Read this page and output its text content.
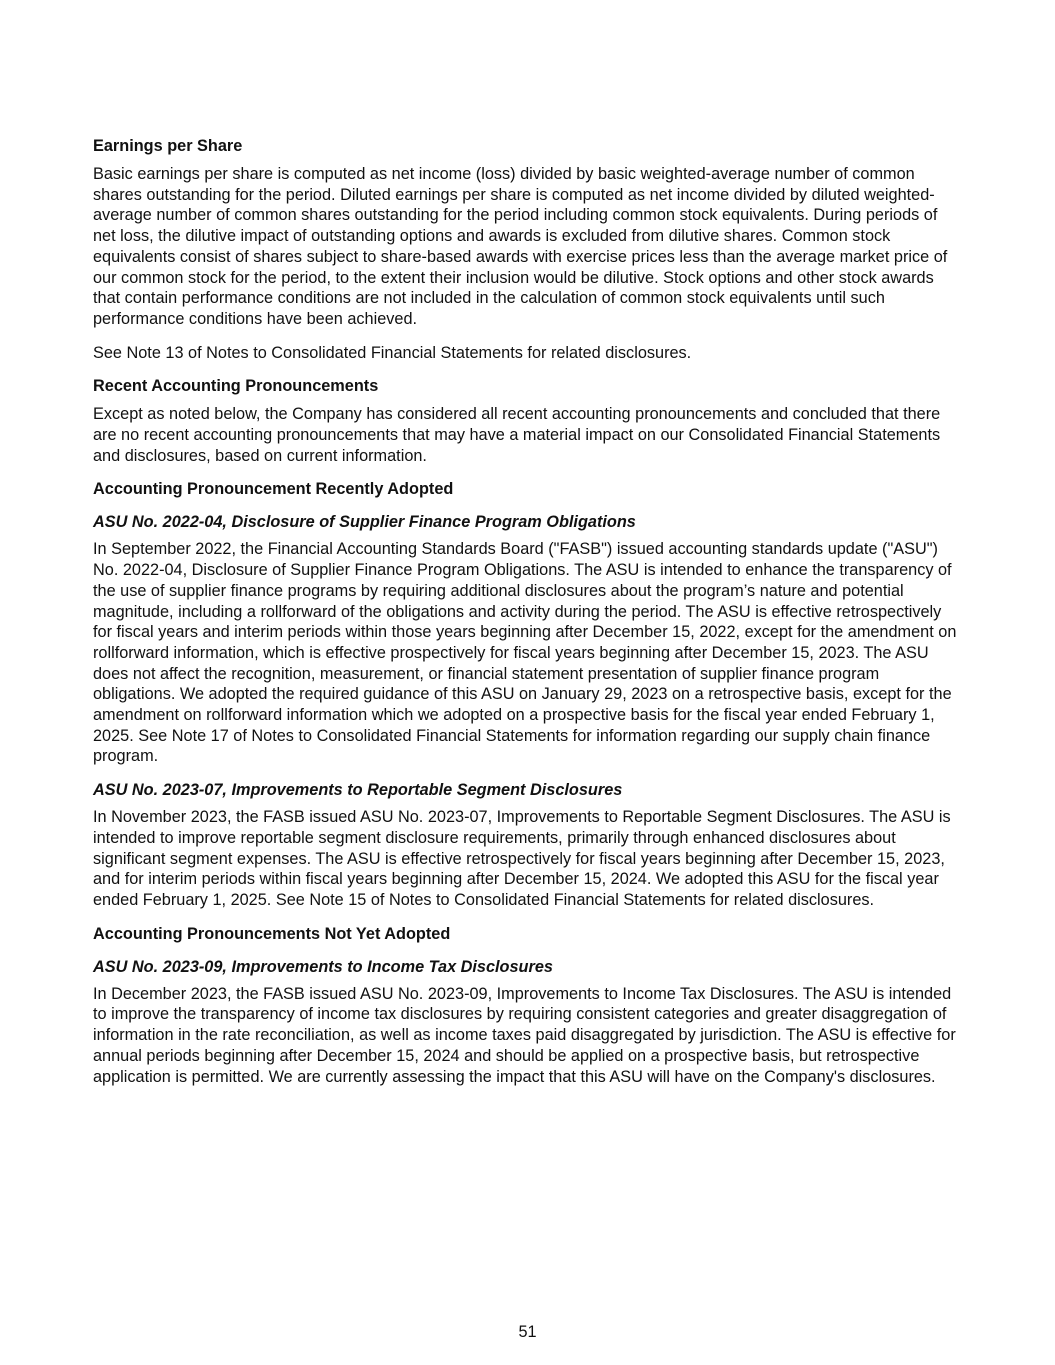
Earnings per Share
Basic earnings per share is computed as net income (loss) divided by basic weighted-average number of common shares outstanding for the period. Diluted earnings per share is computed as net income divided by diluted weighted-average number of common shares outstanding for the period including common stock equivalents. During periods of net loss, the dilutive impact of outstanding options and awards is excluded from dilutive shares. Common stock equivalents consist of shares subject to share-based awards with exercise prices less than the average market price of our common stock for the period, to the extent their inclusion would be dilutive. Stock options and other stock awards that contain performance conditions are not included in the calculation of common stock equivalents until such performance conditions have been achieved.
See Note 13 of Notes to Consolidated Financial Statements for related disclosures.
Recent Accounting Pronouncements
Except as noted below, the Company has considered all recent accounting pronouncements and concluded that there are no recent accounting pronouncements that may have a material impact on our Consolidated Financial Statements and disclosures, based on current information.
Accounting Pronouncement Recently Adopted
ASU No. 2022-04, Disclosure of Supplier Finance Program Obligations
In September 2022, the Financial Accounting Standards Board ("FASB") issued accounting standards update ("ASU") No. 2022-04, Disclosure of Supplier Finance Program Obligations. The ASU is intended to enhance the transparency of the use of supplier finance programs by requiring additional disclosures about the program’s nature and potential magnitude, including a rollforward of the obligations and activity during the period. The ASU is effective retrospectively for fiscal years and interim periods within those years beginning after December 15, 2022, except for the amendment on rollforward information, which is effective prospectively for fiscal years beginning after December 15, 2023. The ASU does not affect the recognition, measurement, or financial statement presentation of supplier finance program obligations. We adopted the required guidance of this ASU on January 29, 2023 on a retrospective basis, except for the amendment on rollforward information which we adopted on a prospective basis for the fiscal year ended February 1, 2025. See Note 17 of Notes to Consolidated Financial Statements for information regarding our supply chain finance program.
ASU No. 2023-07, Improvements to Reportable Segment Disclosures
In November 2023, the FASB issued ASU No. 2023-07, Improvements to Reportable Segment Disclosures. The ASU is intended to improve reportable segment disclosure requirements, primarily through enhanced disclosures about significant segment expenses. The ASU is effective retrospectively for fiscal years beginning after December 15, 2023, and for interim periods within fiscal years beginning after December 15, 2024. We adopted this ASU for the fiscal year ended February 1, 2025. See Note 15 of Notes to Consolidated Financial Statements for related disclosures.
Accounting Pronouncements Not Yet Adopted
ASU No. 2023-09, Improvements to Income Tax Disclosures
In December 2023, the FASB issued ASU No. 2023-09, Improvements to Income Tax Disclosures. The ASU is intended to improve the transparency of income tax disclosures by requiring consistent categories and greater disaggregation of information in the rate reconciliation, as well as income taxes paid disaggregated by jurisdiction. The ASU is effective for annual periods beginning after December 15, 2024 and should be applied on a prospective basis, but retrospective application is permitted. We are currently assessing the impact that this ASU will have on the Company's disclosures.
51
